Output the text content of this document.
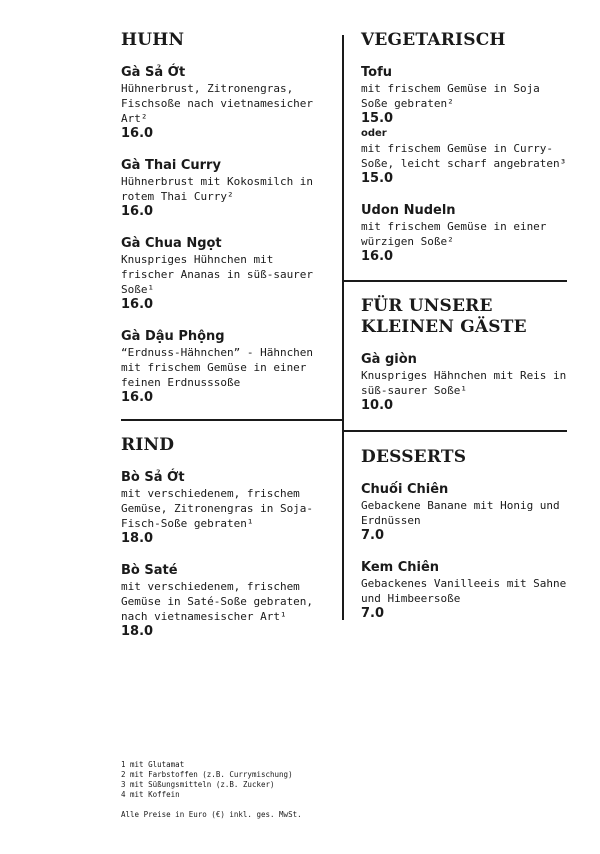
HUHN
Gà Sả Ớt
Hühnerbrust, Zitronengras, Fischsoße nach vietnamesicher Art²
16.0
Gà Thai Curry
Hühnerbrust mit Kokosmilch in rotem Thai Curry²
16.0
Gà Chua Ngọt
Knuspriges Hühnchen mit frischer Ananas in süß-saurer Soße¹
16.0
Gà Dậu Phộng
“Erdnuss-Hähnchen” - Hähnchen mit frischem Gemüse in einer feinen Erdnusssoße
16.0
RIND
Bò Sả Ớt
mit verschiedenem, frischem Gemüse, Zitronengras in Soja-Fisch-Soße gebraten¹
18.0
Bò Saté
mit verschiedenem, frischem Gemüse in Saté-Soße gebraten, nach vietnamesischer Art¹
18.0
VEGETARISCH
Tofu
mit frischem Gemüse in Soja Soße gebraten²
15.0
oder
mit frischem Gemüse in Curry-Soße, leicht scharf angebraten³
15.0
Udon Nudeln
mit frischem Gemüse in einer würzigen Soße²
16.0
FÜR UNSERE KLEINEN GÄSTE
Gà giòn
Knuspriges Hähnchen mit Reis in süß-saurer Soße¹
10.0
DESSERTS
Chuối Chiên
Gebackene Banane mit Honig und Erdnüssen
7.0
Kem Chiên
Gebackenes Vanilleeis mit Sahne und Himbeersoße
7.0
1 mit Glutamat
2 mit Farbstoffen (z.B. Currymischung)
3 mit Süßungsmitteln (z.B. Zucker)
4 mit Koffein
Alle Preise in Euro (€) inkl. ges. MwSt.
